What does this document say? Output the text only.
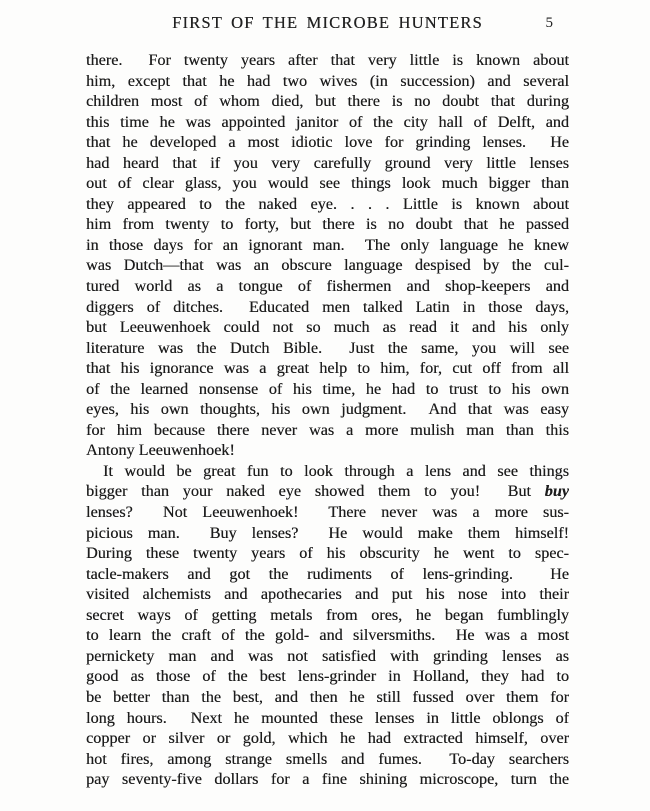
FIRST OF THE MICROBE HUNTERS	5
there.  For twenty years after that very little is known about
him, except that he had two wives (in succession) and several
children most of whom died, but there is no doubt that during
this time he was appointed janitor of the city hall of Delft, and
that he developed a most idiotic love for grinding lenses.  He
had heard that if you very carefully ground very little lenses
out of clear glass, you would see things look much bigger than
they appeared to the naked eye. . . . Little is known about
him from twenty to forty, but there is no doubt that he passed
in those days for an ignorant man.  The only language he knew
was Dutch—that was an obscure language despised by the cul-
tured world as a tongue of fishermen and shop-keepers and
diggers of ditches.  Educated men talked Latin in those days,
but Leeuwenhoek could not so much as read it and his only
literature was the Dutch Bible.  Just the same, you will see
that his ignorance was a great help to him, for, cut off from all
of the learned nonsense of his time, he had to trust to his own
eyes, his own thoughts, his own judgment.  And that was easy
for him because there never was a more mulish man than this
Antony Leeuwenhoek!
It would be great fun to look through a lens and see things
bigger than your naked eye showed them to you!  But buy
lenses?  Not Leeuwenhoek!  There never was a more sus-
picious man.  Buy lenses?  He would make them himself!
During these twenty years of his obscurity he went to spec-
tacle-makers and got the rudiments of lens-grinding.  He
visited alchemists and apothecaries and put his nose into their
secret ways of getting metals from ores, he began fumblingly
to learn the craft of the gold- and silversmiths.  He was a most
pernickety man and was not satisfied with grinding lenses as
good as those of the best lens-grinder in Holland, they had to
be better than the best, and then he still fussed over them for
long hours.  Next he mounted these lenses in little oblongs of
copper or silver or gold, which he had extracted himself, over
hot fires, among strange smells and fumes.  To-day searchers
pay seventy-five dollars for a fine shining microscope, turn the
